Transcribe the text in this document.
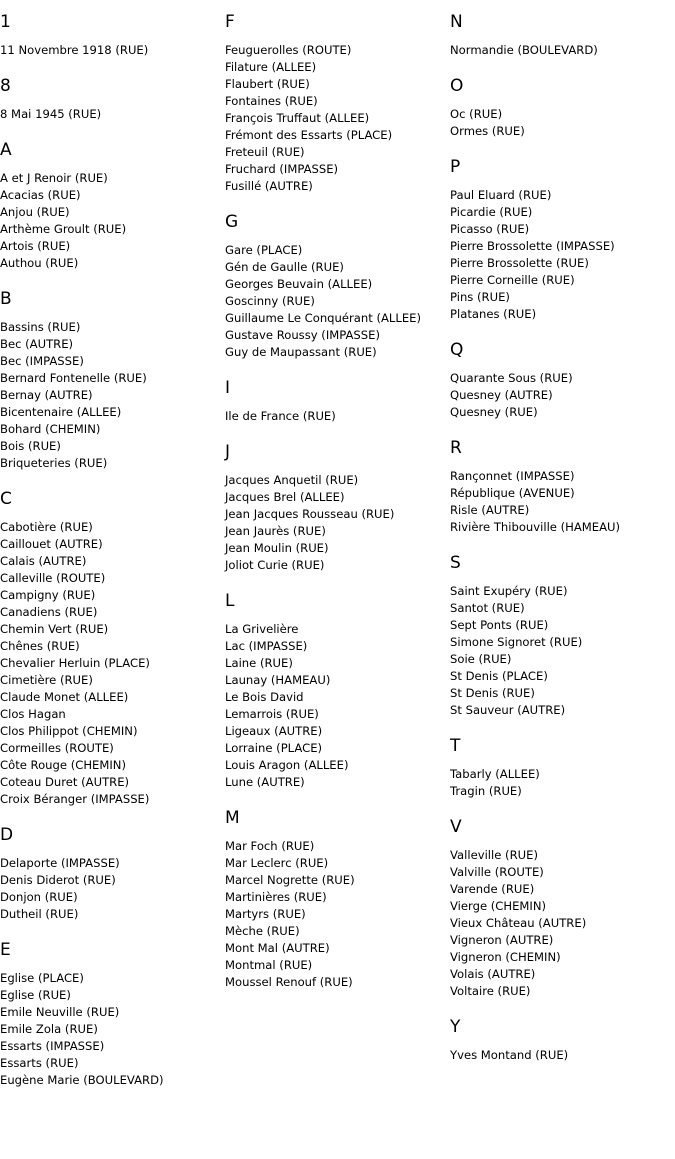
1
11 Novembre 1918 (RUE)
8
8 Mai 1945 (RUE)
A
A et J Renoir (RUE)
Acacias (RUE)
Anjou (RUE)
Arthème Groult (RUE)
Artois (RUE)
Authou (RUE)
B
Bassins (RUE)
Bec (AUTRE)
Bec (IMPASSE)
Bernard Fontenelle (RUE)
Bernay (AUTRE)
Bicentenaire (ALLEE)
Bohard (CHEMIN)
Bois (RUE)
Briqueteries (RUE)
C
Cabotière (RUE)
Caillouet (AUTRE)
Calais (AUTRE)
Calleville (ROUTE)
Campigny (RUE)
Canadiens (RUE)
Chemin Vert (RUE)
Chênes (RUE)
Chevalier Herluin (PLACE)
Cimetière (RUE)
Claude Monet (ALLEE)
Clos Hagan
Clos Philippot (CHEMIN)
Cormeilles (ROUTE)
Côte Rouge (CHEMIN)
Coteau Duret (AUTRE)
Croix Béranger (IMPASSE)
D
Delaporte (IMPASSE)
Denis Diderot (RUE)
Donjon (RUE)
Dutheil (RUE)
E
Eglise (PLACE)
Eglise (RUE)
Emile Neuville (RUE)
Emile Zola (RUE)
Essarts (IMPASSE)
Essarts (RUE)
Eugène Marie (BOULEVARD)
F
Feuguerolles (ROUTE)
Filature (ALLEE)
Flaubert (RUE)
Fontaines (RUE)
François Truffaut (ALLEE)
Frémont des Essarts (PLACE)
Freteuil (RUE)
Fruchard (IMPASSE)
Fusillé (AUTRE)
G
Gare (PLACE)
Gén de Gaulle (RUE)
Georges Beuvain (ALLEE)
Goscinny (RUE)
Guillaume Le Conquérant (ALLEE)
Gustave Roussy (IMPASSE)
Guy de Maupassant (RUE)
I
Ile de France (RUE)
J
Jacques Anquetil (RUE)
Jacques Brel (ALLEE)
Jean Jacques Rousseau (RUE)
Jean Jaurès (RUE)
Jean Moulin (RUE)
Joliot Curie (RUE)
L
La Grivelière
Lac (IMPASSE)
Laine (RUE)
Launay (HAMEAU)
Le Bois David
Lemarrois (RUE)
Ligeaux (AUTRE)
Lorraine (PLACE)
Louis Aragon (ALLEE)
Lune (AUTRE)
M
Mar Foch (RUE)
Mar Leclerc (RUE)
Marcel Nogrette (RUE)
Martinières (RUE)
Martyrs (RUE)
Mèche (RUE)
Mont Mal (AUTRE)
Montmal (RUE)
Moussel Renouf (RUE)
N
Normandie (BOULEVARD)
O
Oc (RUE)
Ormes (RUE)
P
Paul Eluard (RUE)
Picardie (RUE)
Picasso (RUE)
Pierre Brossolette (IMPASSE)
Pierre Brossolette (RUE)
Pierre Corneille (RUE)
Pins (RUE)
Platanes (RUE)
Q
Quarante Sous (RUE)
Quesney (AUTRE)
Quesney (RUE)
R
Rançonnet (IMPASSE)
République (AVENUE)
Risle (AUTRE)
Rivière Thibouville (HAMEAU)
S
Saint Exupéry (RUE)
Santot (RUE)
Sept Ponts (RUE)
Simone Signoret (RUE)
Soie (RUE)
St Denis (PLACE)
St Denis (RUE)
St Sauveur (AUTRE)
T
Tabarly (ALLEE)
Tragin (RUE)
V
Valleville (RUE)
Valville (ROUTE)
Varende (RUE)
Vierge (CHEMIN)
Vieux Château (AUTRE)
Vigneron (AUTRE)
Vigneron (CHEMIN)
Volais (AUTRE)
Voltaire (RUE)
Y
Yves Montand (RUE)
